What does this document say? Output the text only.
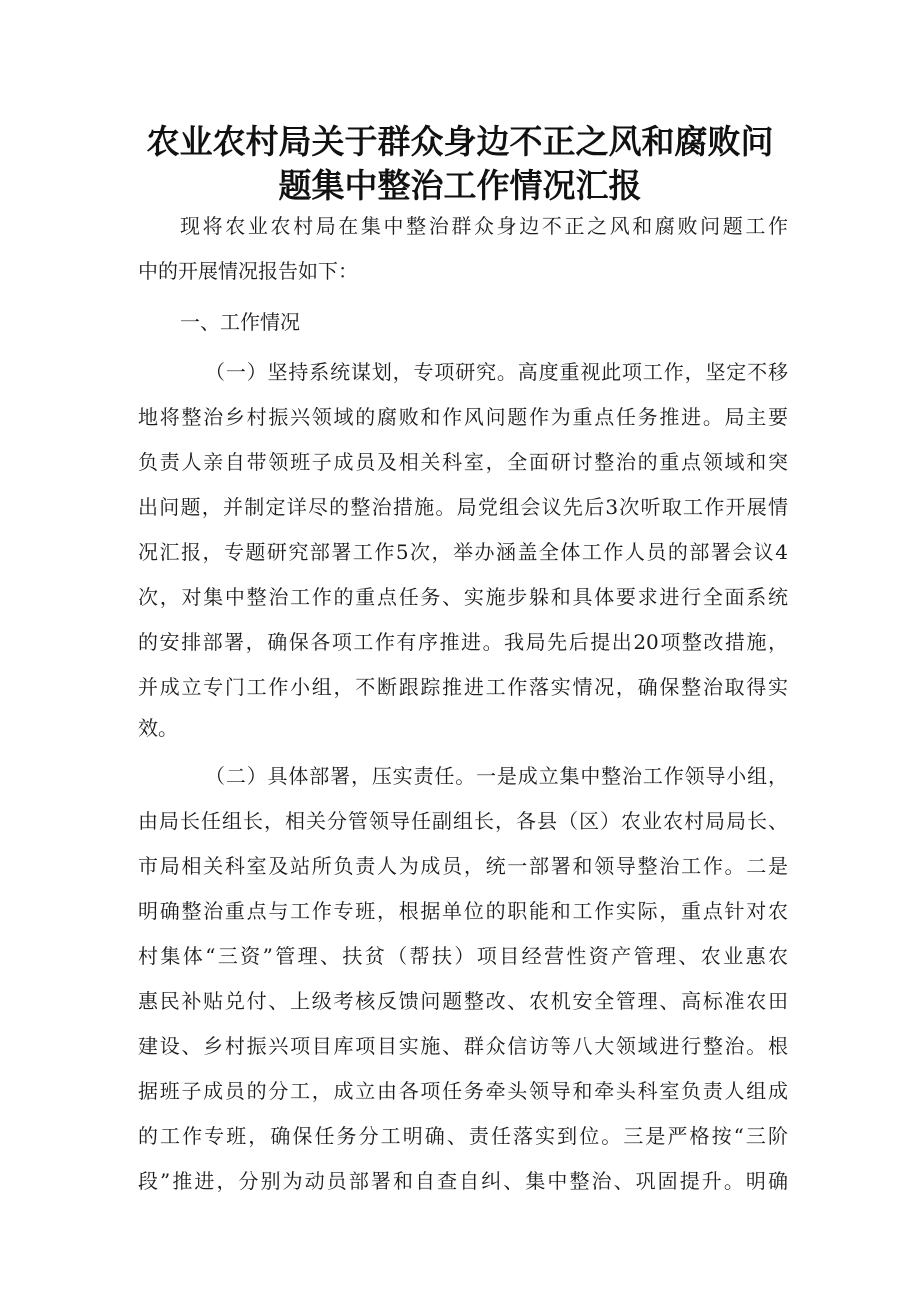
农业农村局关于群众身边不正之风和腐败问
题集中整治工作情况汇报
现将农业农村局在集中整治群众身边不正之风和腐败问题工作
中的开展情况报告如下：
一、工作情况
（一）坚持系统谋划，专项研究。高度重视此项工作，坚定不移
地将整治乡村振兴领域的腐败和作风问题作为重点任务推进。局主要
负责人亲自带领班子成员及相关科室，全面研讨整治的重点领域和突
出问题，并制定详尽的整治措施。局党组会议先后3次听取工作开展情
况汇报，专题研究部署工作5次，举办涵盖全体工作人员的部署会议4
次，对集中整治工作的重点任务、实施步躲和具体要求进行全面系统
的安排部署，确保各项工作有序推进。我局先后提出20项整改措施，
并成立专门工作小组，不断跟踪推进工作落实情况，确保整治取得实
效。
（二）具体部署，压实责任。一是成立集中整治工作领导小组，
由局长任组长，相关分管领导任副组长，各县（区）农业农村局局长、
市局相关科室及站所负责人为成员，统一部署和领导整治工作。二是
明确整治重点与工作专班，根据单位的职能和工作实际，重点针对农
村集体“三资”管理、扶贫（帮扶）项目经营性资产管理、农业惠农
惠民补贴兑付、上级考核反馈问题整改、农机安全管理、高标准农田
建设、乡村振兴项目库项目实施、群众信访等八大领域进行整治。根
据班子成员的分工，成立由各项任务牵头领导和牵头科室负责人组成
的工作专班，确保任务分工明确、责任落实到位。三是严格按“三阶
段”推进，分别为动员部署和自查自纠、集中整治、巩固提升。明确
